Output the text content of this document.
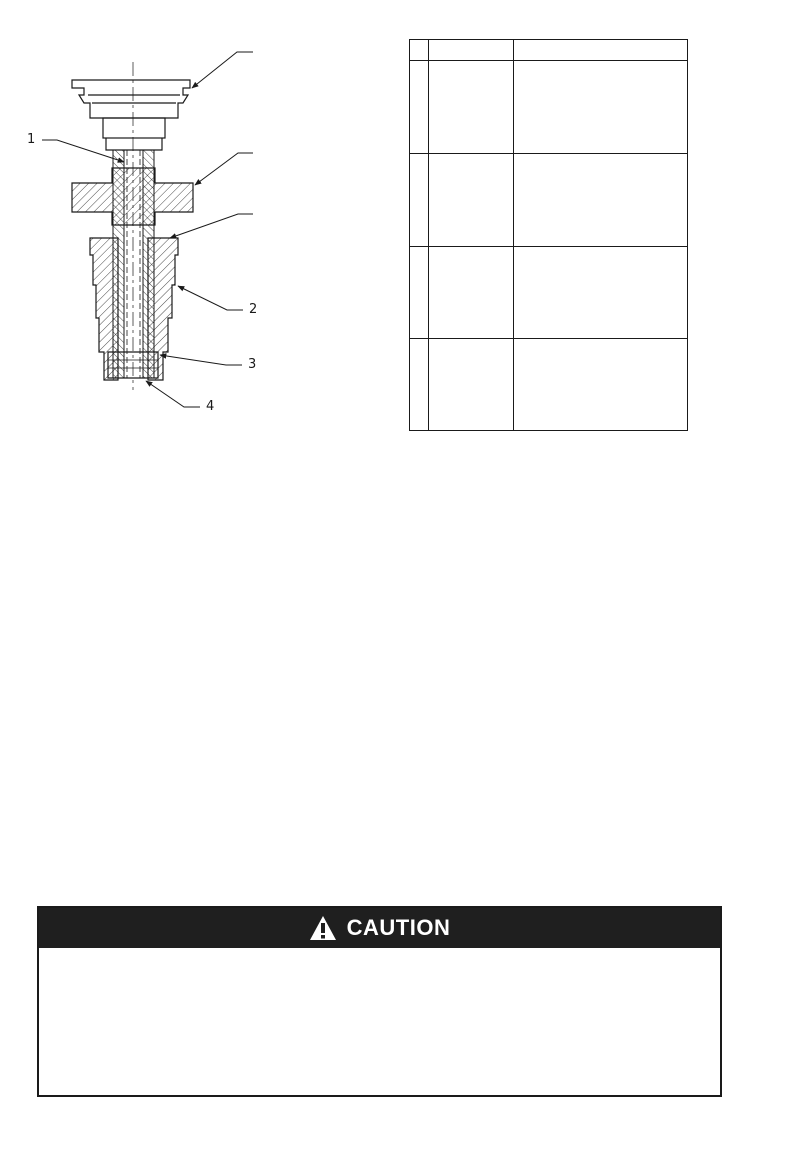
1
2
3
4
CAUTION
